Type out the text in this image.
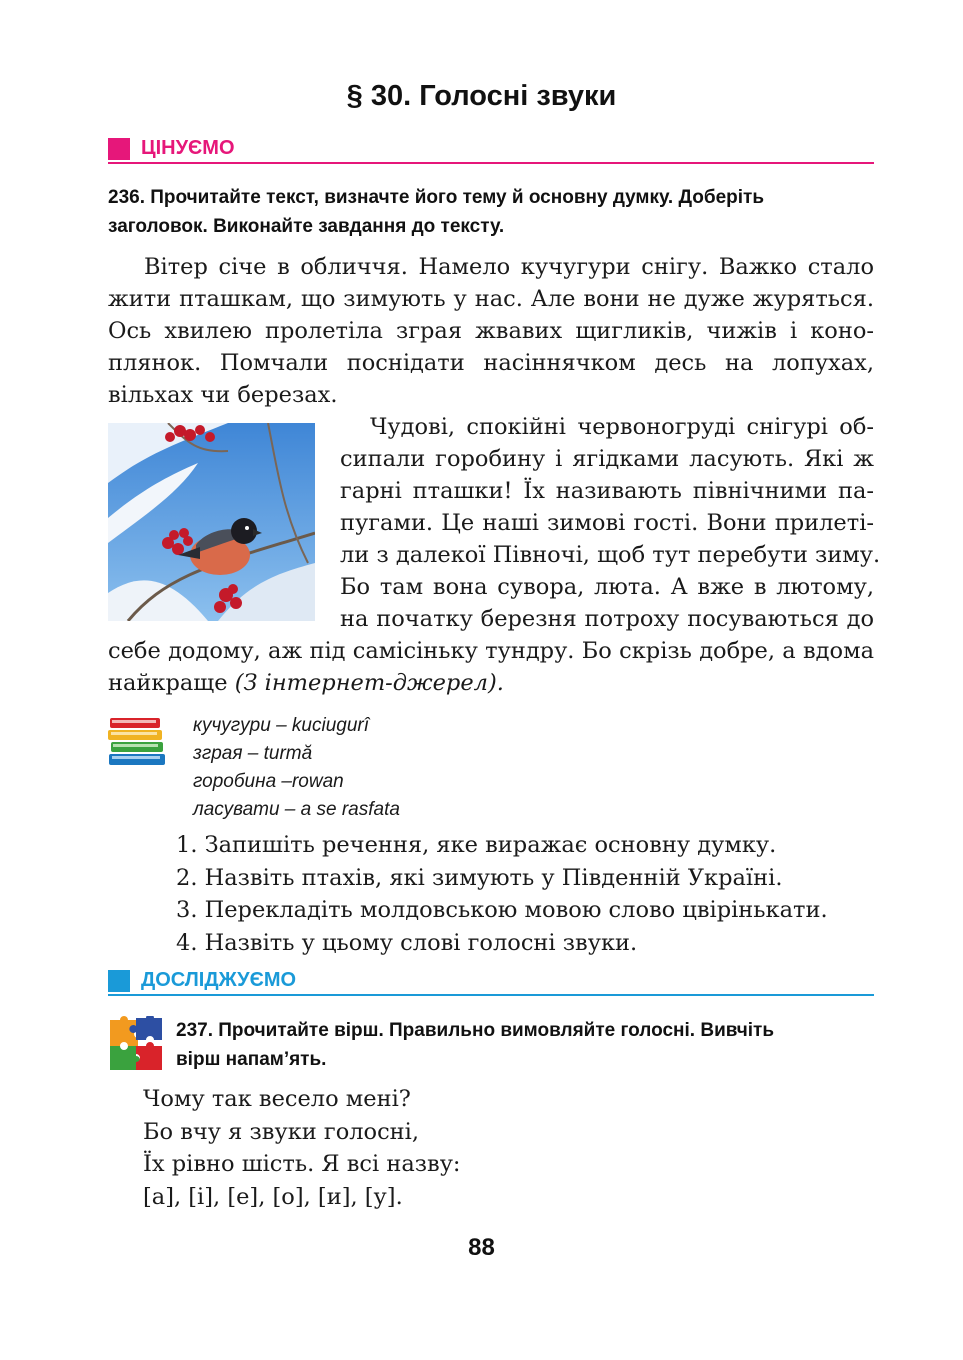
§ 30. Голосні звуки
ЦІНУЄМО
236. Прочитайте текст, визначте його тему й основну думку. Доберіть
заголовок. Виконайте завдання до тексту.
Вітер січе в обличчя. Намело кучугури снігу. Важко стало
жити пташкам, що зимують у нас. Але вони не дуже журяться.
Ось хвилею пролетіла зграя жвавих щигликів, чижів і коно-
плянок. Помчали поснідати насіннячком десь на лопухах,
вільхах чи березах.
Чудові, спокійні червоногруді снігурі об-
сипали горобину і ягідками ласують. Які ж
гарні пташки! Їх називають північними па-
пугами. Це наші зимові гості. Вони прилеті-
ли з далекої Півночі, щоб тут перебути зиму.
Бо там вона сувора, люта. А вже в лютому,
на початку березня потроху посуваються до
себе додому, аж під самісіньку тундру. Бо скрізь добре, а вдома
найкраще (З інтернет-джерел).
кучугури – kuciugurî
зграя – turmă
горобина –rowan
ласувати – a se rasfata
1. Запишіть речення, яке виражає основну думку.
2. Назвіть птахів, які зимують у Південній Україні.
3. Перекладіть молдовською мовою слово цвірінькати.
4. Назвіть у цьому слові голосні звуки.
ДОСЛІДЖУЄМО
237. Прочитайте вірш. Правильно вимовляйте голосні. Вивчіть
вірш напам’ять.
Чому так весело мені?
Бо вчу я звуки голосні,
Їх рівно шість. Я всі назву:
[а], [і], [е], [о], [и], [у].
88
